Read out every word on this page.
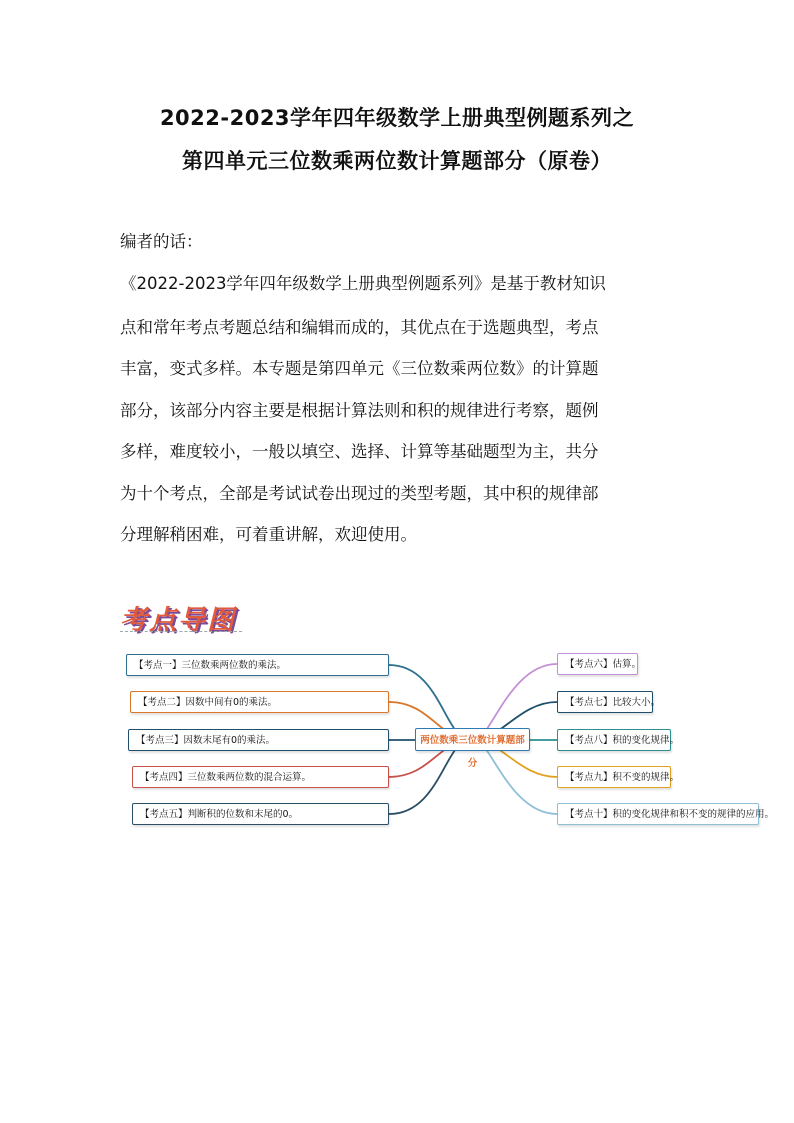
2022-2023学年四年级数学上册典型例题系列之
第四单元三位数乘两位数计算题部分（原卷）
编者的话：
《2022-2023学年四年级数学上册典型例题系列》是基于教材知识
点和常年考点考题总结和编辑而成的，其优点在于选题典型，考点
丰富，变式多样。本专题是第四单元《三位数乘两位数》的计算题
部分，该部分内容主要是根据计算法则和积的规律进行考察，题例
多样，难度较小，一般以填空、选择、计算等基础题型为主，共分
为十个考点，全部是考试试卷出现过的类型考题，其中积的规律部
分理解稍困难，可着重讲解，欢迎使用。
考点导图
【考点一】三位数乘两位数的乘法。
【考点二】因数中间有0的乘法。
【考点三】因数末尾有0的乘法。
【考点四】三位数乘两位数的混合运算。
【考点五】判断积的位数和末尾的0。
两位数乘三位数计算题部分
【考点六】估算。
【考点七】比较大小。
【考点八】积的变化规律。
【考点九】积不变的规律。
【考点十】积的变化规律和积不变的规律的应用。
